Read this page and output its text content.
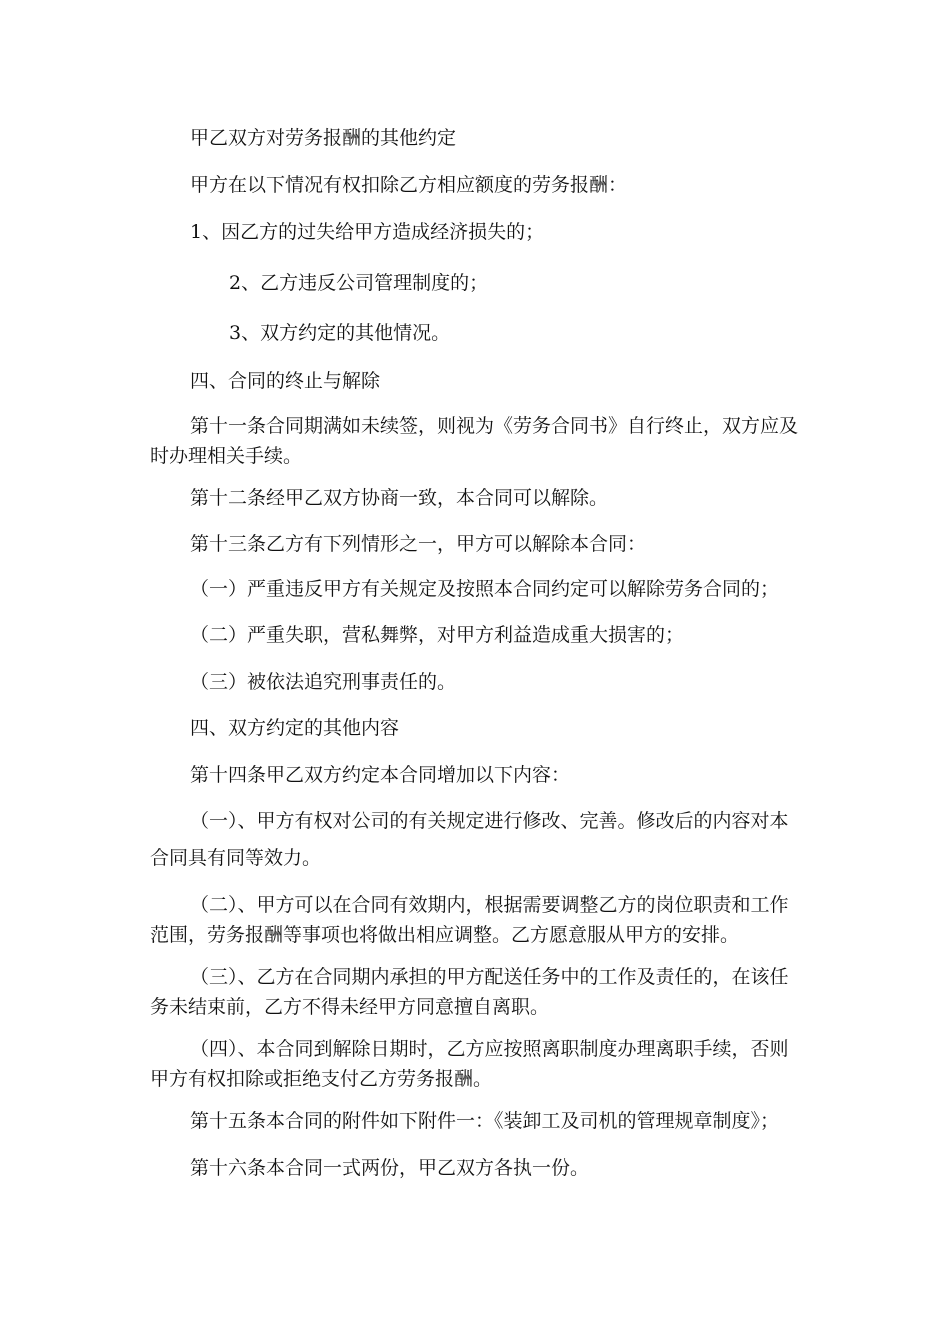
甲乙双方对劳务报酬的其他约定
甲方在以下情况有权扣除乙方相应额度的劳务报酬：
1、因乙方的过失给甲方造成经济损失的；
2、乙方违反公司管理制度的；
3、双方约定的其他情况。
四、合同的终止与解除
第十一条合同期满如未续签，则视为《劳务合同书》自行终止，双方应及
时办理相关手续。
第十二条经甲乙双方协商一致，本合同可以解除。
第十三条乙方有下列情形之一，甲方可以解除本合同：
（一）严重违反甲方有关规定及按照本合同约定可以解除劳务合同的；
（二）严重失职，营私舞弊，对甲方利益造成重大损害的；
（三）被依法追究刑事责任的。
四、双方约定的其他内容
第十四条甲乙双方约定本合同增加以下内容：
（一）、甲方有权对公司的有关规定进行修改、完善。修改后的内容对本
合同具有同等效力。
（二）、甲方可以在合同有效期内，根据需要调整乙方的岗位职责和工作
范围，劳务报酬等事项也将做出相应调整。乙方愿意服从甲方的安排。
（三）、乙方在合同期内承担的甲方配送任务中的工作及责任的，在该任
务未结束前，乙方不得未经甲方同意擅自离职。
（四）、本合同到解除日期时，乙方应按照离职制度办理离职手续，否则
甲方有权扣除或拒绝支付乙方劳务报酬。
第十五条本合同的附件如下附件一：《装卸工及司机的管理规章制度》；
第十六条本合同一式两份，甲乙双方各执一份。
